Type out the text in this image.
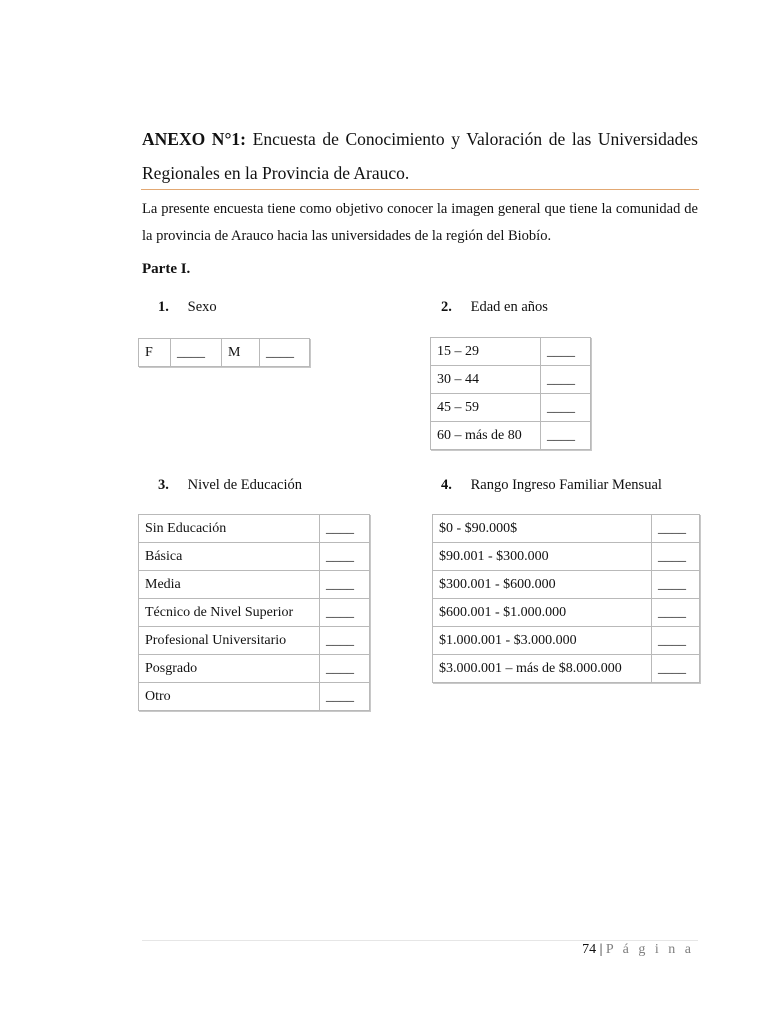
ANEXO N°1: Encuesta de Conocimiento y Valoración de las Universidades Regionales en la Provincia de Arauco.
La presente encuesta tiene como objetivo conocer la imagen general que tiene la comunidad de la provincia de Arauco hacia las universidades de la región del Biobío.
Parte I.
1. Sexo
F	____	M	____
2. Edad en años
15 – 29	____
30 – 44	____
45 – 59	____
60 – más de 80	____
3. Nivel de Educación
Sin Educación	____
Básica	____
Media	____
Técnico de Nivel Superior	____
Profesional Universitario	____
Posgrado	____
Otro	____
4. Rango Ingreso Familiar Mensual
$0 - $90.000$	____
$90.001 - $300.000	____
$300.001 - $600.000	____
$600.001 - $1.000.000	____
$1.000.001 - $3.000.000	____
$3.000.001 – más de $8.000.000	____
74 | P á g i n a
